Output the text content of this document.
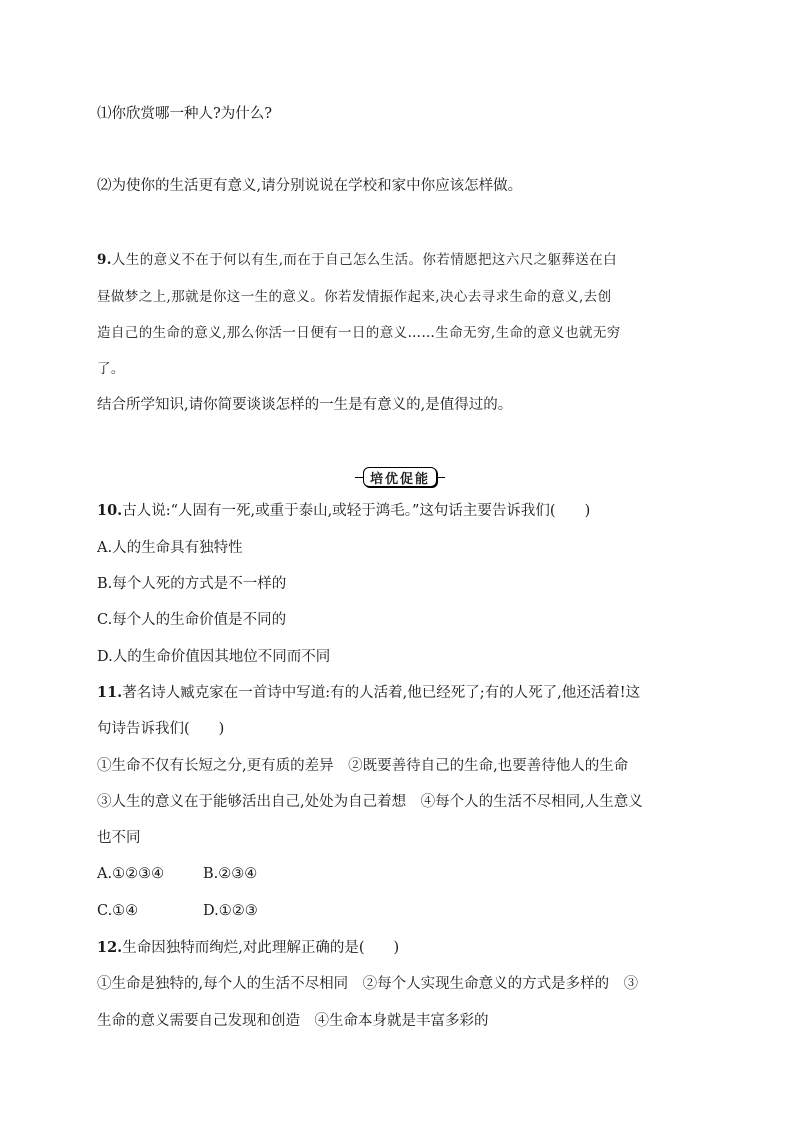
⑴你欣赏哪一种人?为什么?
⑵为使你的生活更有意义,请分别说说在学校和家中你应该怎样做。
9.人生的意义不在于何以有生,而在于自己怎么生活。你若情愿把这六尺之躯葬送在白
昼做梦之上,那就是你这一生的意义。你若发情振作起来,决心去寻求生命的意义,去创
造自己的生命的意义,那么你活一日便有一日的意义……生命无穷,生命的意义也就无穷
了。
结合所学知识,请你简要谈谈怎样的一生是有意义的,是值得过的。
培优促能
10.古人说:“人固有一死,或重于泰山,或轻于鸿毛。”这句话主要告诉我们(　　)
A.人的生命具有独特性
B.每个人死的方式是不一样的
C.每个人的生命价值是不同的
D.人的生命价值因其地位不同而不同
11.著名诗人臧克家在一首诗中写道:有的人活着,他已经死了;有的人死了,他还活着!这
句诗告诉我们(　　)
①生命不仅有长短之分,更有质的差异　②既要善待自己的生命,也要善待他人的生命
③人生的意义在于能够活出自己,处处为自己着想　④每个人的生活不尽相同,人生意义
也不同
A.①②③④	B.②③④
C.①④	D.①②③
12.生命因独特而绚烂,对此理解正确的是(　　)
①生命是独特的,每个人的生活不尽相同　②每个人实现生命意义的方式是多样的　③
生命的意义需要自己发现和创造　④生命本身就是丰富多彩的
